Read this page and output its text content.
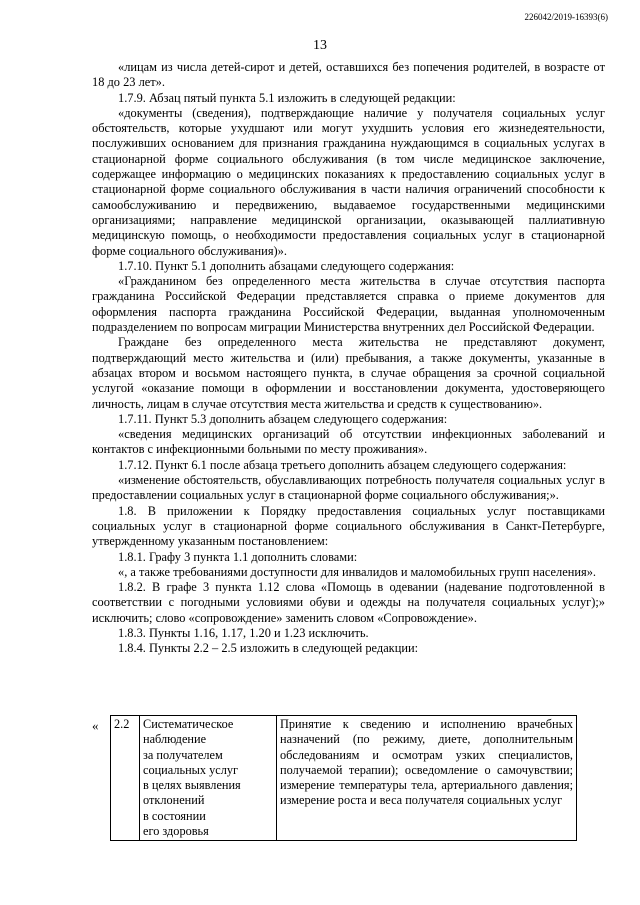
226042/2019-16393(6)
13

«лицам из числа детей-сирот и детей, оставшихся без попечения родителей, в возрасте от 18 до 23 лет».

1.7.9. Абзац пятый пункта 5.1 изложить в следующей редакции:

«документы (сведения), подтверждающие наличие у получателя социальных услуг обстоятельств, которые ухудшают или могут ухудшить условия его жизнедеятельности, послуживших основанием для признания гражданина нуждающимся в социальных услугах в стационарной форме социального обслуживания (в том числе медицинское заключение, содержащее информацию о медицинских показаниях к предоставлению социальных услуг в стационарной форме социального обслуживания в части наличия ограничений способности к самообслуживанию и передвижению, выдаваемое государственными медицинскими организациями; направление медицинской организации, оказывающей паллиативную медицинскую помощь, о необходимости предоставления социальных услуг в стационарной форме социального обслуживания)».

1.7.10. Пункт 5.1 дополнить абзацами следующего содержания:

«Гражданином без определенного места жительства в случае отсутствия паспорта гражданина Российской Федерации представляется справка о приеме документов для оформления паспорта гражданина Российской Федерации, выданная уполномоченным подразделением по вопросам миграции Министерства внутренних дел Российской Федерации.

Граждане без определенного места жительства не представляют документ, подтверждающий место жительства и (или) пребывания, а также документы, указанные в абзацах втором и восьмом настоящего пункта, в случае обращения за срочной социальной услугой «оказание помощи в оформлении и восстановлении документа, удостоверяющего личность, лицам в случае отсутствия места жительства и средств к существованию».

1.7.11. Пункт 5.3 дополнить абзацем следующего содержания:

«сведения медицинских организаций об отсутствии инфекционных заболеваний и контактов с инфекционными больными по месту проживания».

1.7.12. Пункт 6.1 после абзаца третьего дополнить абзацем следующего содержания:

«изменение обстоятельств, обуславливающих потребность получателя социальных услуг в предоставлении социальных услуг в стационарной форме социального обслуживания;».

1.8. В приложении к Порядку предоставления социальных услуг поставщиками социальных услуг в стационарной форме социального обслуживания в Санкт-Петербурге, утвержденному указанным постановлением:

1.8.1. Графу 3 пункта 1.1 дополнить словами:

«, а также требованиями доступности для инвалидов и маломобильных групп населения».

1.8.2. В графе 3 пункта 1.12 слова «Помощь в одевании (надевание подготовленной в соответствии с погодными условиями обуви и одежды на получателя социальных услуг);» исключить; слово «сопровождение» заменить словом «Сопровождение».

1.8.3. Пункты 1.16, 1.17, 1.20 и 1.23 исключить.

1.8.4. Пункты 2.2 – 2.5 изложить в следующей редакции:

« 2.2	Систематическое
наблюдение
за получателем
социальных услуг
в целях выявления
отклонений
в состоянии
его здоровья
	Принятие к сведению и исполнению врачебных назначений (по режиму, диете, дополнительным обследованиям и осмотрам узких специалистов, получаемой терапии); осведомление о самочувствии; измерение температуры тела, артериального давления; измерение роста и веса получателя социальных услуг
